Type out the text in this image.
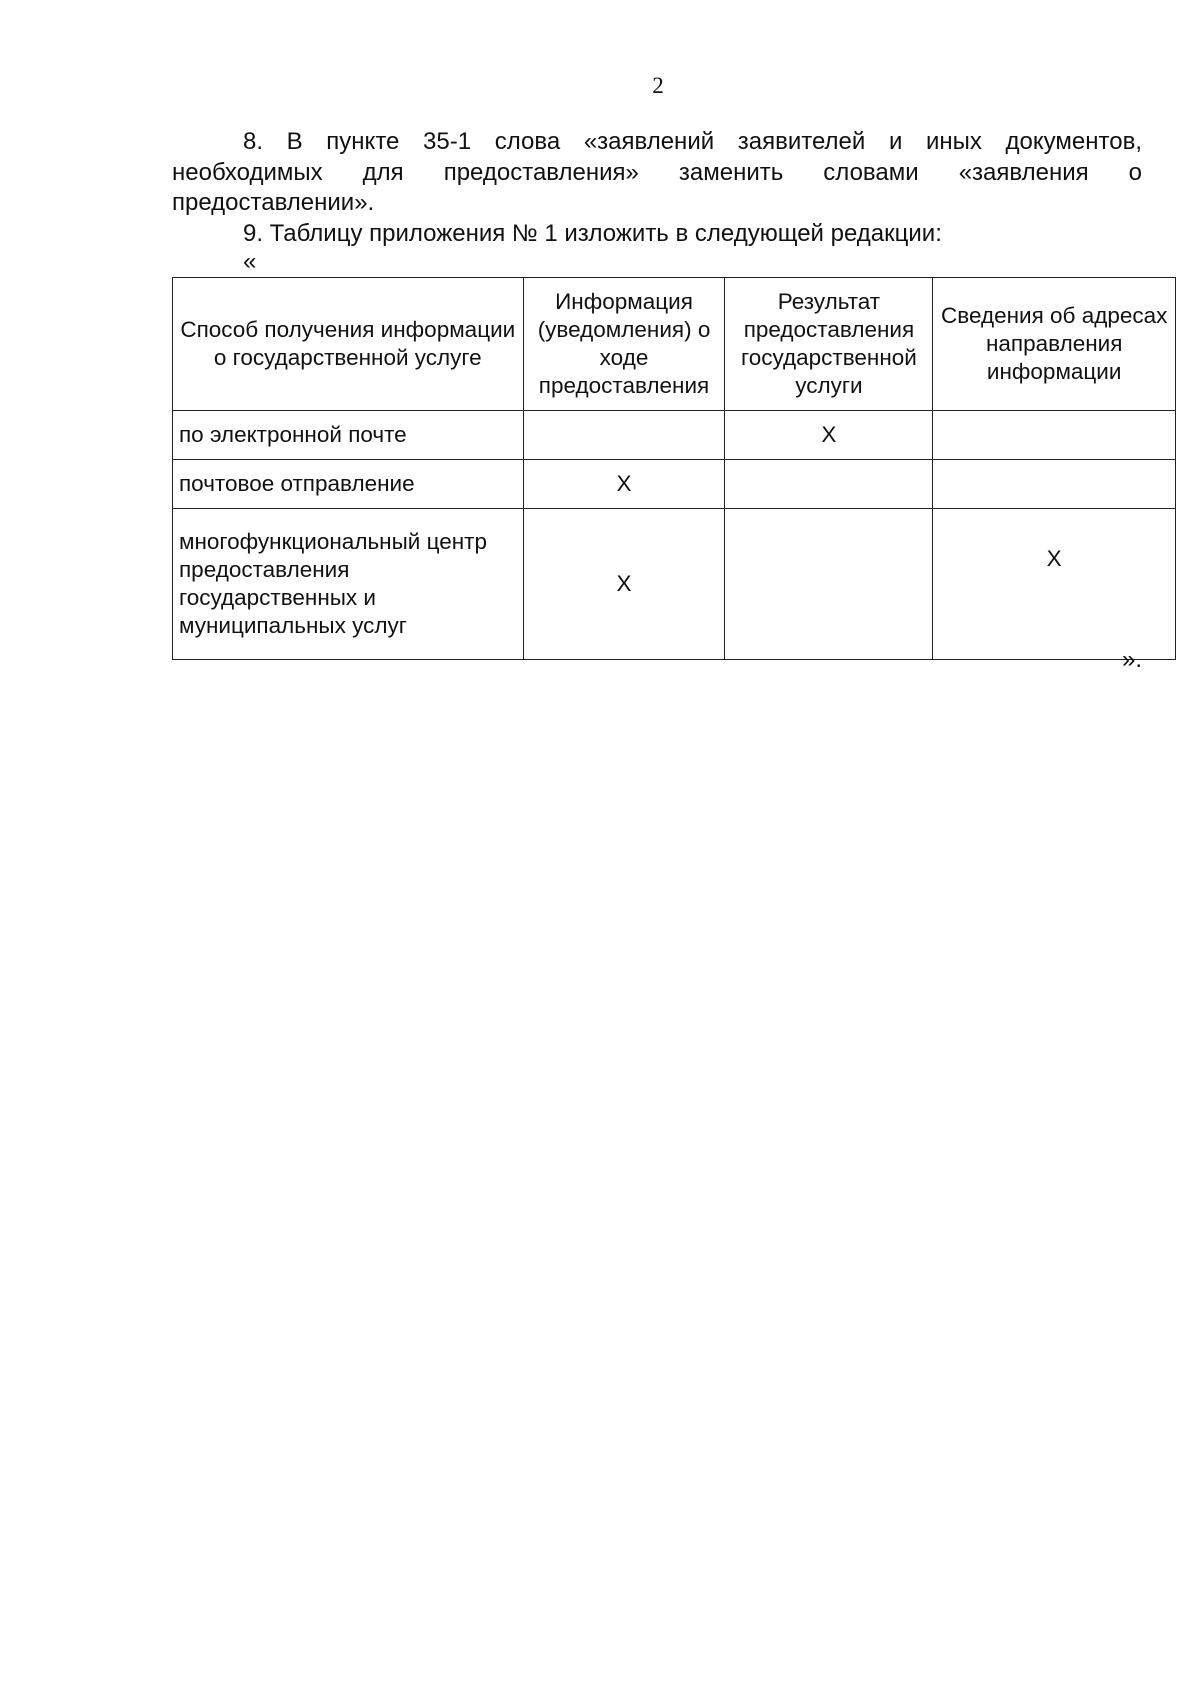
2

8. В пункте 35-1 слова «заявлений заявителей и иных документов, необходимых для предоставления» заменить словами «заявления о предоставлении».

9. Таблицу приложения № 1 изложить в следующей редакции:

«

Способ получения информации о государственной услуге	Информация (уведомления) о ходе предоставления	Результат предоставления государственной услуги	Сведения об адресах направления информации
по электронной почте		X	
почтовое отправление	X		
многофункциональный центр предоставления государственных и муниципальных услуг	X		X
».
